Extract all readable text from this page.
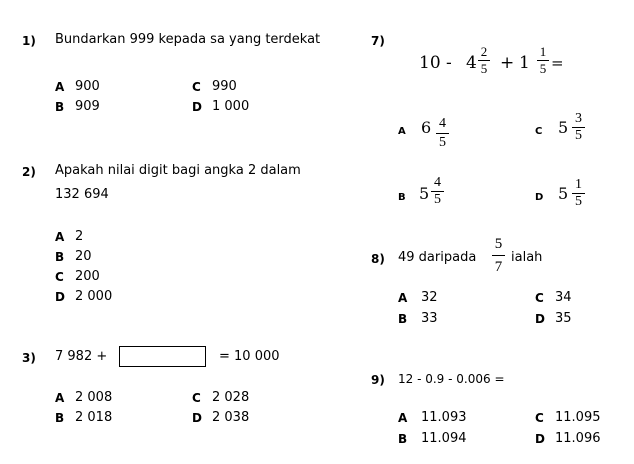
1) Bundarkan 999 kepada sa yang terdekat
A 900
B 909
C 990
D 1 000
2) Apakah nilai digit bagi angka 2 dalam
132 694
A 2
B 20
C 200
D 2 000
3) 7 982 +	= 10 000
A 2 008
B 2 018
C 2 028
D 2 038
7)
10 - 4
2
5 + 1
1
5 =
A 6 4
5
B 5
4
5
C 5 3
5
D 5 1
5
8) 49 daripada
5
7
ialah
A 32
B 33
C 34
D 35
9) 12 - 0.9 - 0.006 =
A 11.093
B 11.094
C 11.095
D 11.096
